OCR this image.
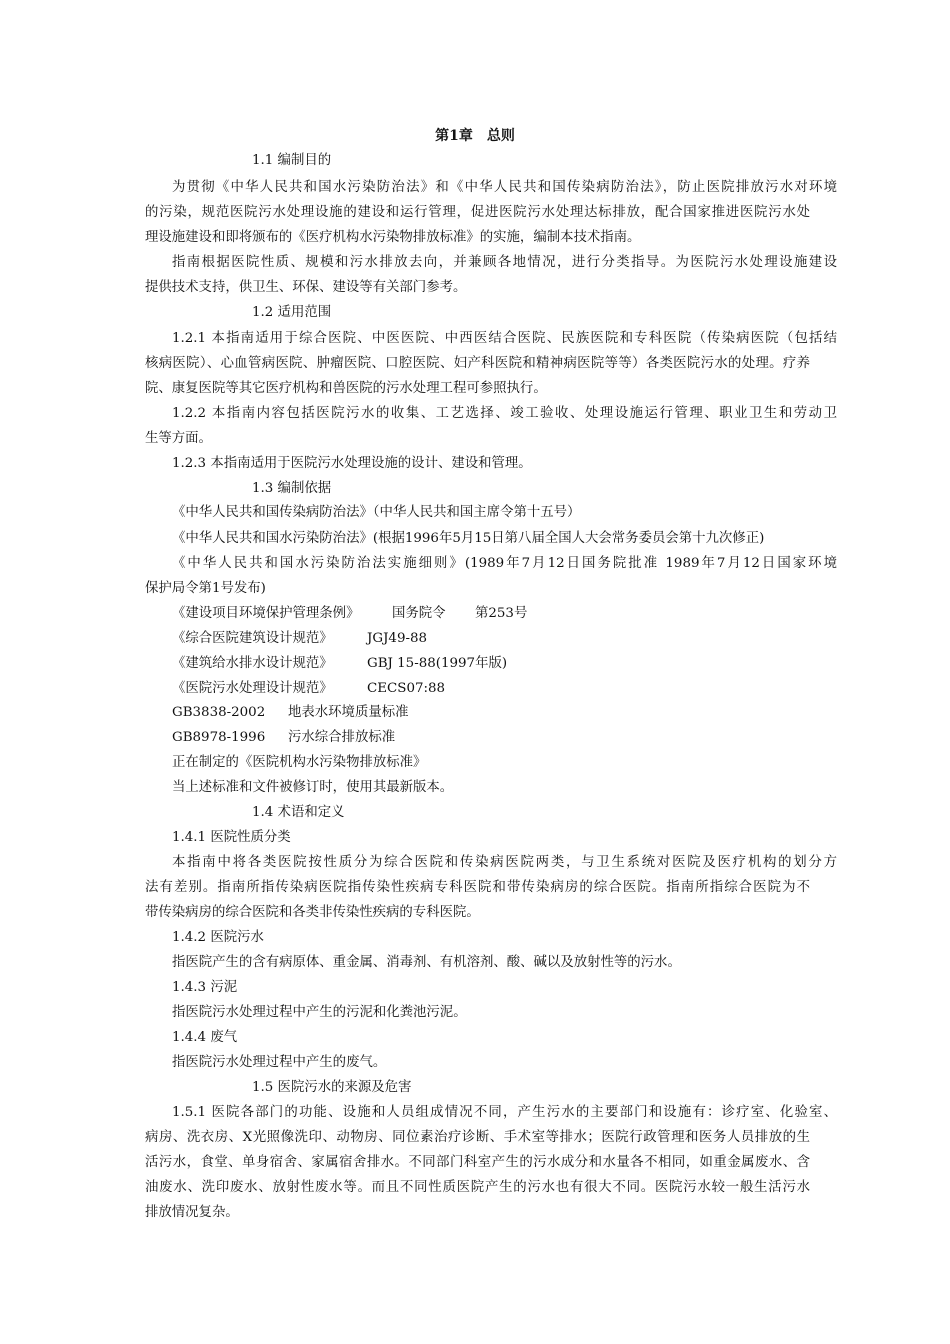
第1章　总则
1.1 编制目的
为贯彻《中华人民共和国水污染防治法》和《中华人民共和国传染病防治法》，防止医院排放污水对环境
的污染，规范医院污水处理设施的建设和运行管理，促进医院污水处理达标排放，配合国家推进医院污水处
理设施建设和即将颁布的《医疗机构水污染物排放标准》的实施，编制本技术指南。
指南根据医院性质、规模和污水排放去向，并兼顾各地情况，进行分类指导。为医院污水处理设施建设
提供技术支持，供卫生、环保、建设等有关部门参考。
1.2 适用范围
1.2.1 本指南适用于综合医院、中医医院、中西医结合医院、民族医院和专科医院（传染病医院（包括结
核病医院）、心血管病医院、肿瘤医院、口腔医院、妇产科医院和精神病医院等等）各类医院污水的处理。疗养
院、康复医院等其它医疗机构和兽医院的污水处理工程可参照执行。
1.2.2 本指南内容包括医院污水的收集、工艺选择、竣工验收、处理设施运行管理、职业卫生和劳动卫
生等方面。
1.2.3 本指南适用于医院污水处理设施的设计、建设和管理。
1.3 编制依据
《中华人民共和国传染病防治法》（中华人民共和国主席令第十五号）
《中华人民共和国水污染防治法》(根据1996年5月15日第八届全国人大会常务委员会第十九次修正)
《中华人民共和国水污染防治法实施细则》(1989年7月12日国务院批准 1989年7月12日国家环境
保护局令第1号发布)
《建设项目环境保护管理条例》 国务院令 第253号
《综合医院建筑设计规范》	JGJ49-88
《建筑给水排水设计规范》	GBJ 15-88(1997年版)
《医院污水处理设计规范》	CECS07:88
GB3838-2002 地表水环境质量标准
GB8978-1996 污水综合排放标准
正在制定的《医院机构水污染物排放标准》
当上述标准和文件被修订时，使用其最新版本。
1.4 术语和定义
1.4.1 医院性质分类
本指南中将各类医院按性质分为综合医院和传染病医院两类，与卫生系统对医院及医疗机构的划分方
法有差别。指南所指传染病医院指传染性疾病专科医院和带传染病房的综合医院。指南所指综合医院为不
带传染病房的综合医院和各类非传染性疾病的专科医院。
1.4.2 医院污水
指医院产生的含有病原体、重金属、消毒剂、有机溶剂、酸、碱以及放射性等的污水。
1.4.3 污泥
指医院污水处理过程中产生的污泥和化粪池污泥。
1.4.4 废气
指医院污水处理过程中产生的废气。
1.5 医院污水的来源及危害
1.5.1 医院各部门的功能、设施和人员组成情况不同，产生污水的主要部门和设施有：诊疗室、化验室、
病房、洗衣房、X光照像洗印、动物房、同位素治疗诊断、手术室等排水；医院行政管理和医务人员排放的生
活污水，食堂、单身宿舍、家属宿舍排水。不同部门科室产生的污水成分和水量各不相同，如重金属废水、含
油废水、洗印废水、放射性废水等。而且不同性质医院产生的污水也有很大不同。医院污水较一般生活污水
排放情况复杂。
